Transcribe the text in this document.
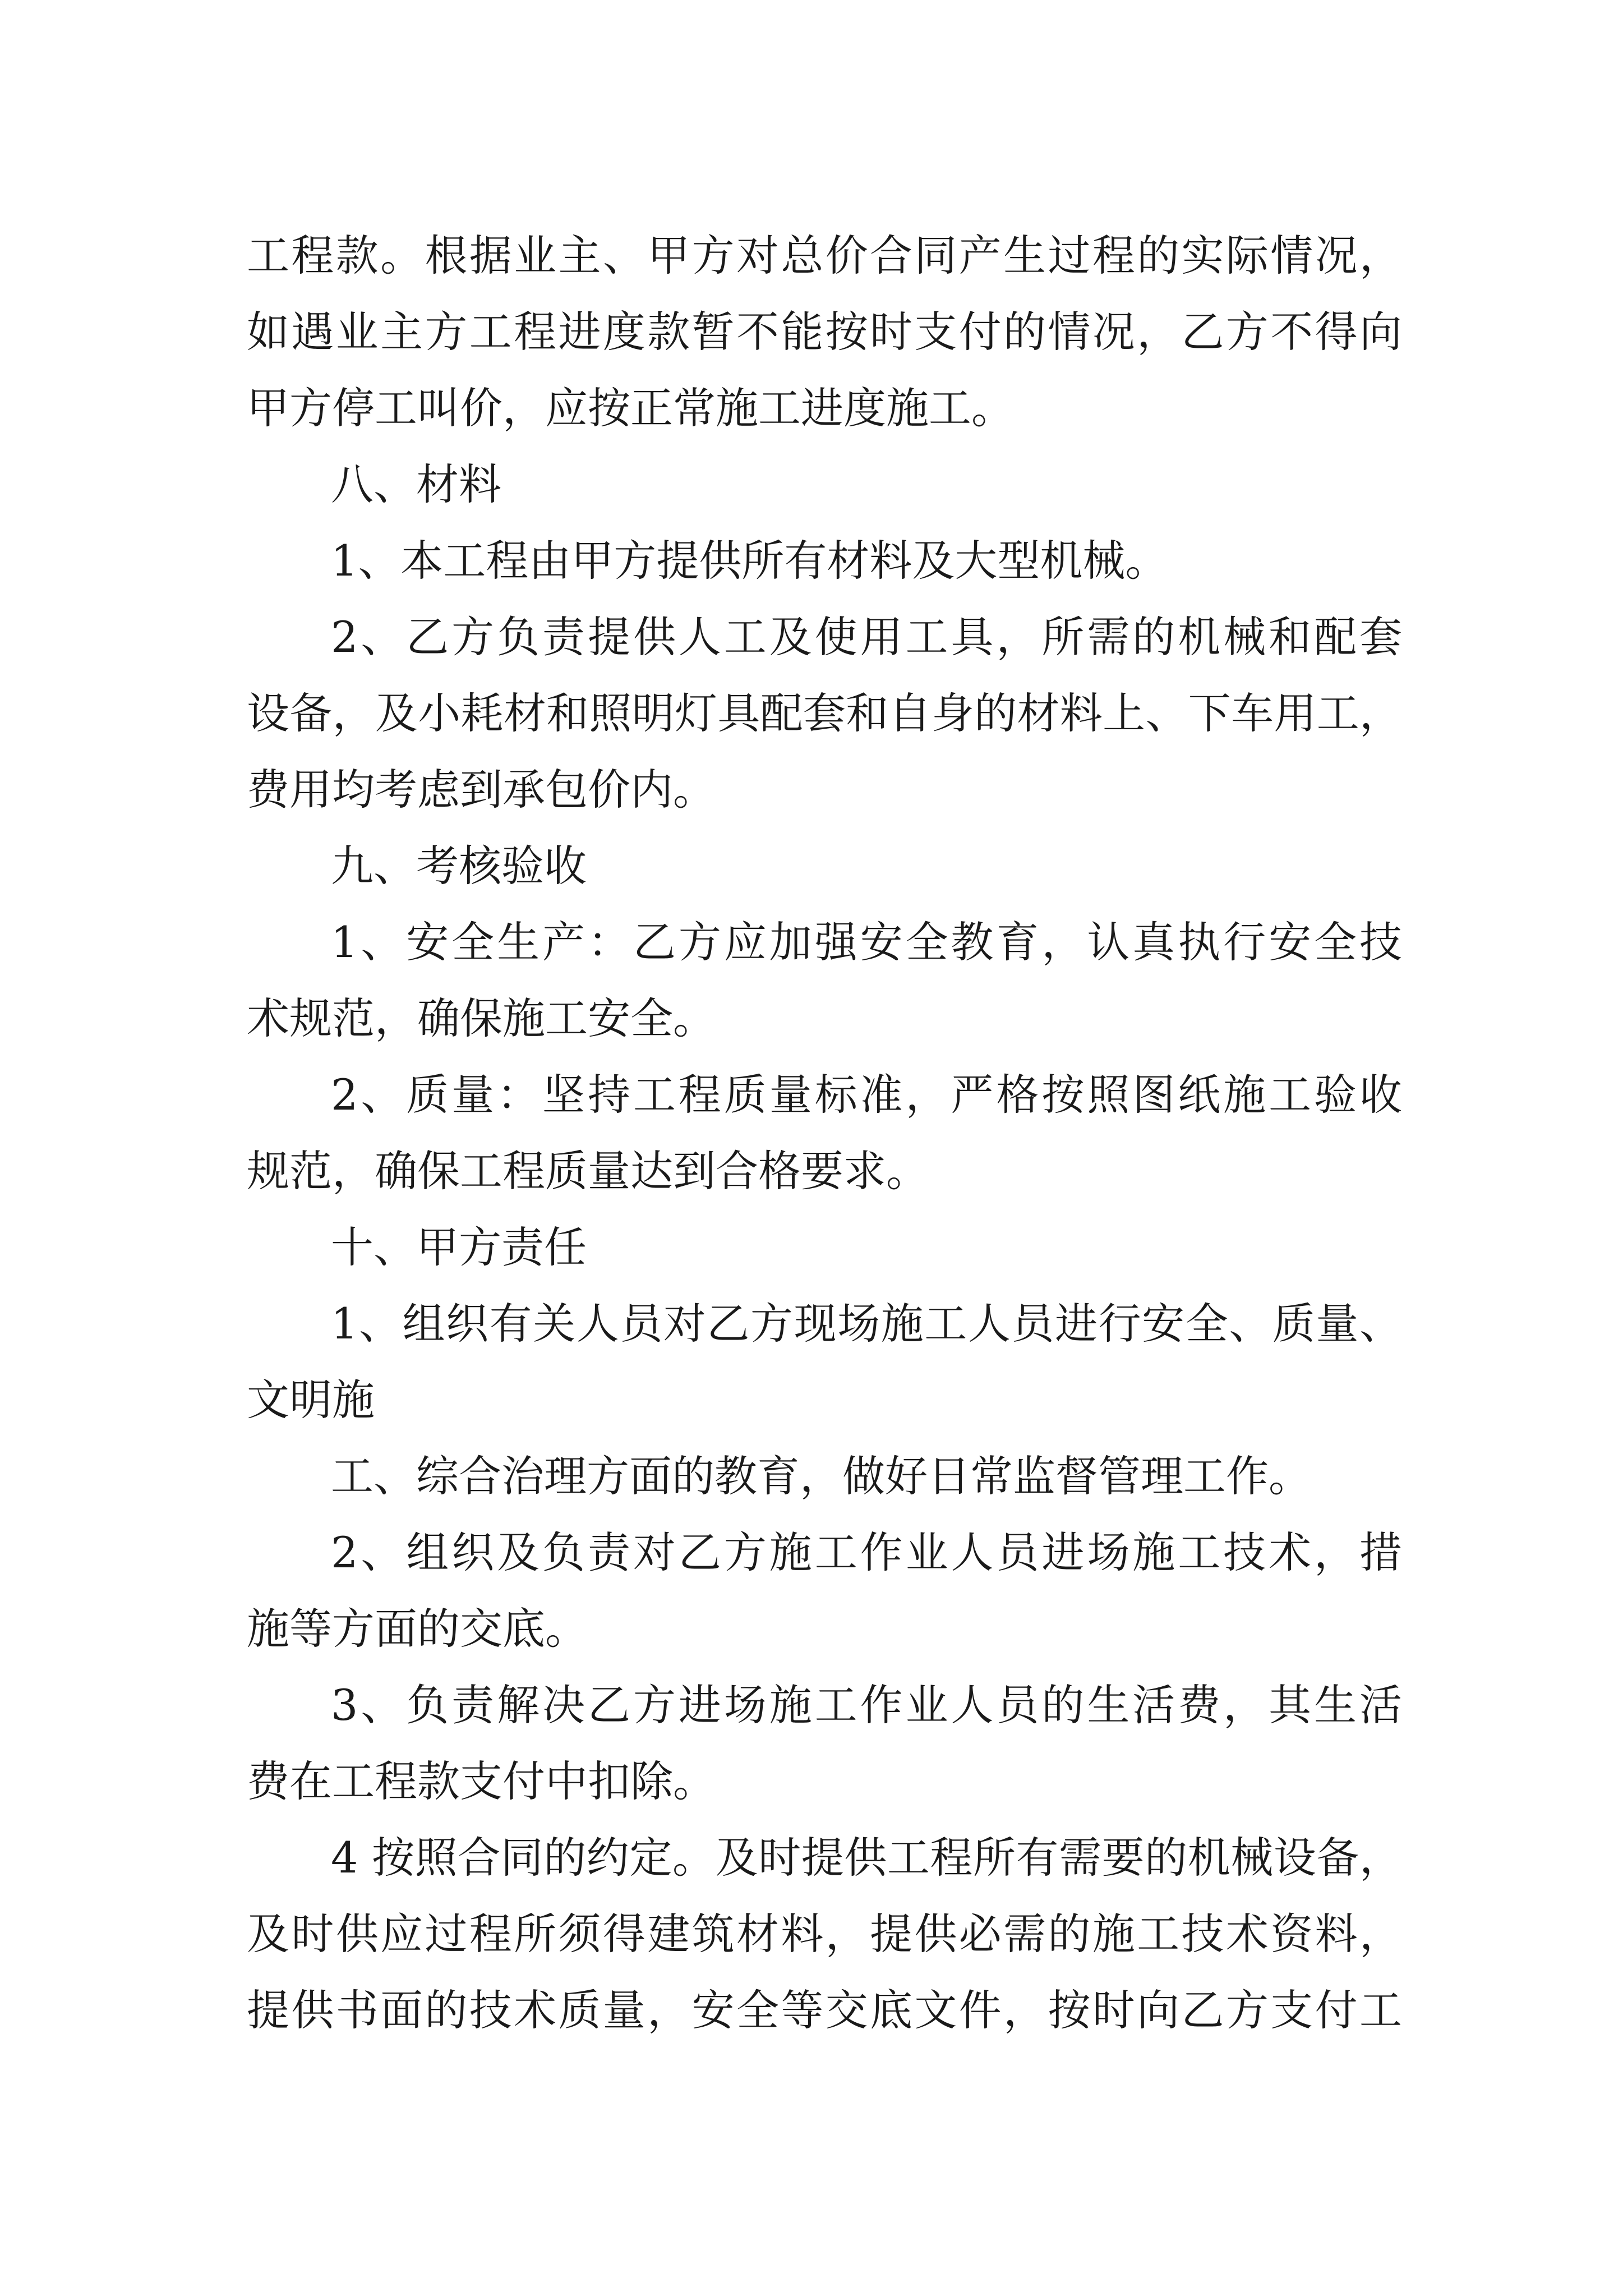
工程款。根据业主、甲方对总价合同产生过程的实际情况，
如遇业主方工程进度款暂不能按时支付的情况，乙方不得向
甲方停工叫价，应按正常施工进度施工。
八、材料
1、本工程由甲方提供所有材料及大型机械。
2、乙方负责提供人工及使用工具，所需的机械和配套
设备，及小耗材和照明灯具配套和自身的材料上、下车用工，
费用均考虑到承包价内。
九、考核验收
1、安全生产：乙方应加强安全教育，认真执行安全技
术规范，确保施工安全。
2、质量：坚持工程质量标准，严格按照图纸施工验收
规范，确保工程质量达到合格要求。
十、甲方责任
1、组织有关人员对乙方现场施工人员进行安全、质量、
文明施
工、综合治理方面的教育，做好日常监督管理工作。
2、组织及负责对乙方施工作业人员进场施工技术，措
施等方面的交底。
3、负责解决乙方进场施工作业人员的生活费，其生活
费在工程款支付中扣除。
4 按照合同的约定。及时提供工程所有需要的机械设备，
及时供应过程所须得建筑材料，提供必需的施工技术资料，
提供书面的技术质量，安全等交底文件，按时向乙方支付工
